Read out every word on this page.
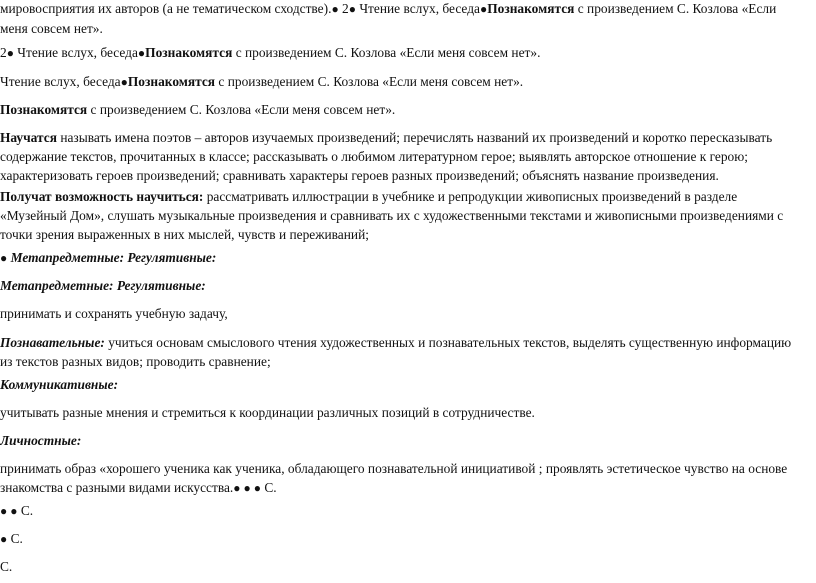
мировосприятия их авторов (а не тематическом сходстве).● 2● Чтение вслух, беседа●Познакомятся с произведением С. Козлова «Если меня совсем нет».

2● Чтение вслух, беседа●Познакомятся с произведением С. Козлова «Если меня совсем нет».

Чтение вслух, беседа●Познакомятся с произведением С. Козлова «Если меня совсем нет».

Познакомятся с произведением С. Козлова «Если меня совсем нет».

Научатся называть имена поэтов – авторов изучаемых произведений; перечислять названий их произведений и коротко пересказывать содержание текстов, прочитанных в классе; рассказывать о любимом литературном герое; выявлять авторское отношение к герою; характеризовать героев произведений; сравнивать характеры героев разных произведений; объяснять название произведения.

Получат возможность научиться: рассматривать иллюстрации в учебнике и репродукции живописных произведений в разделе «Музейный Дом», слушать музыкальные произведения и сравнивать их с художественными текстами и живописными произведениями с точки зрения выраженных в них мыслей, чувств и переживаний;

● Метапредметные: Регулятивные:

Метапредметные: Регулятивные:

принимать и сохранять учебную задачу,

Познавательные: учиться основам смыслового чтения художественных и познавательных текстов, выделять существенную информацию из текстов разных видов; проводить сравнение;

Коммуникативные:

учитывать разные мнения и стремиться к координации различных позиций в сотрудничестве.

Личностные:

принимать образ «хорошего ученика как ученика, обладающего познавательной инициативой ; проявлять эстетическое чувство на основе знакомства с разными видами искусства.● ● ● С.

● ● С.

● С.

С.
